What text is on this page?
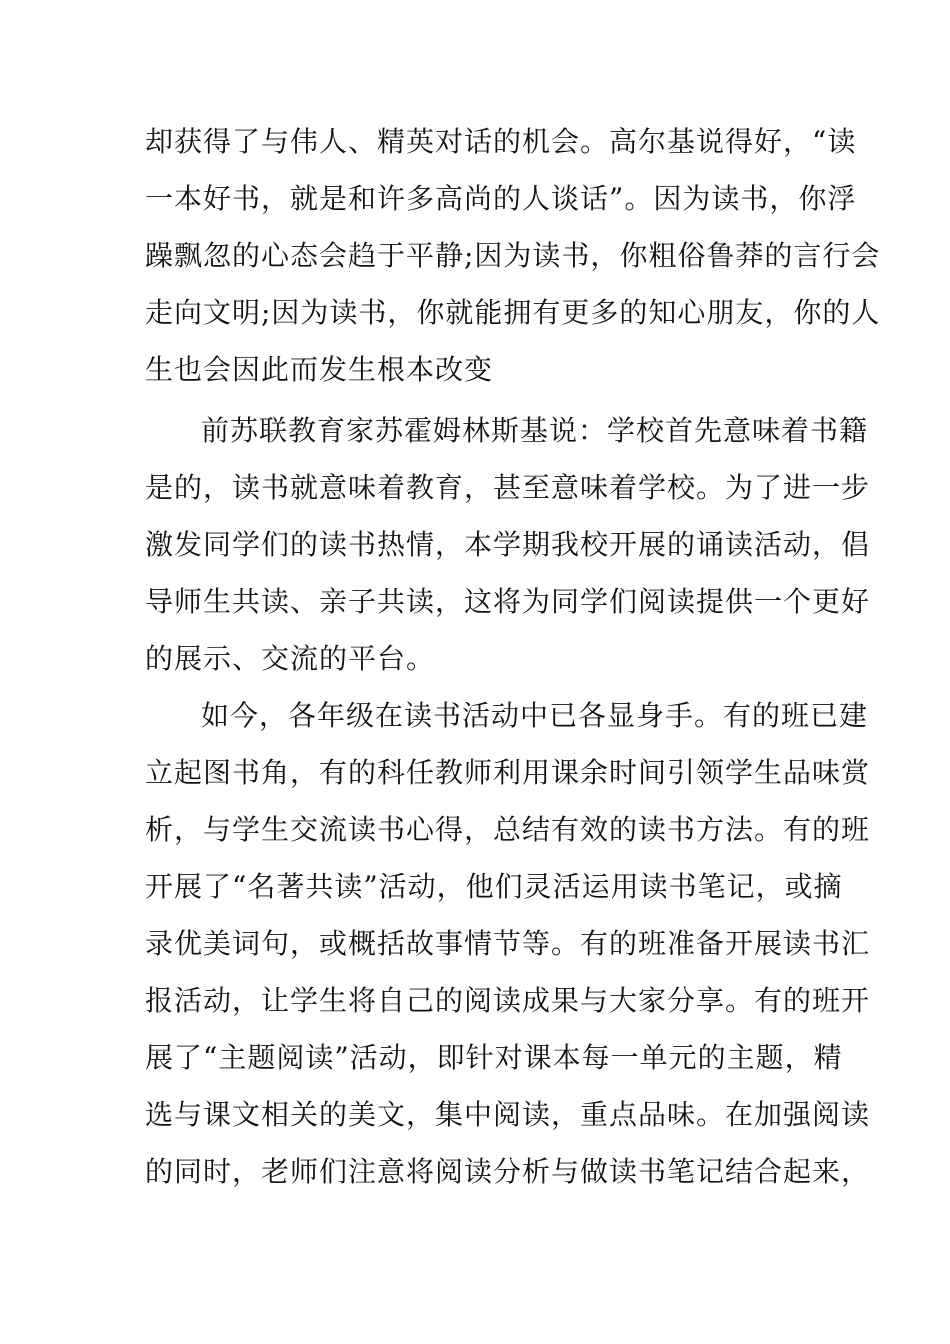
却获得了与伟人、精英对话的机会。高尔基说得好，“读
一本好书，就是和许多高尚的人谈话”。因为读书，你浮
躁飘忽的心态会趋于平静;因为读书，你粗俗鲁莽的言行会
走向文明;因为读书，你就能拥有更多的知心朋友，你的人
生也会因此而发生根本改变
前苏联教育家苏霍姆林斯基说：学校首先意味着书籍
是的，读书就意味着教育，甚至意味着学校。为了进一步
激发同学们的读书热情，本学期我校开展的诵读活动，倡
导师生共读、亲子共读，这将为同学们阅读提供一个更好
的展示、交流的平台。
如今，各年级在读书活动中已各显身手。有的班已建
立起图书角，有的科任教师利用课余时间引领学生品味赏
析，与学生交流读书心得，总结有效的读书方法。有的班
开展了“名著共读”活动，他们灵活运用读书笔记，或摘
录优美词句，或概括故事情节等。有的班准备开展读书汇
报活动，让学生将自己的阅读成果与大家分享。有的班开
展了“主题阅读”活动，即针对课本每一单元的主题，精
选与课文相关的美文，集中阅读，重点品味。在加强阅读
的同时，老师们注意将阅读分析与做读书笔记结合起来，
